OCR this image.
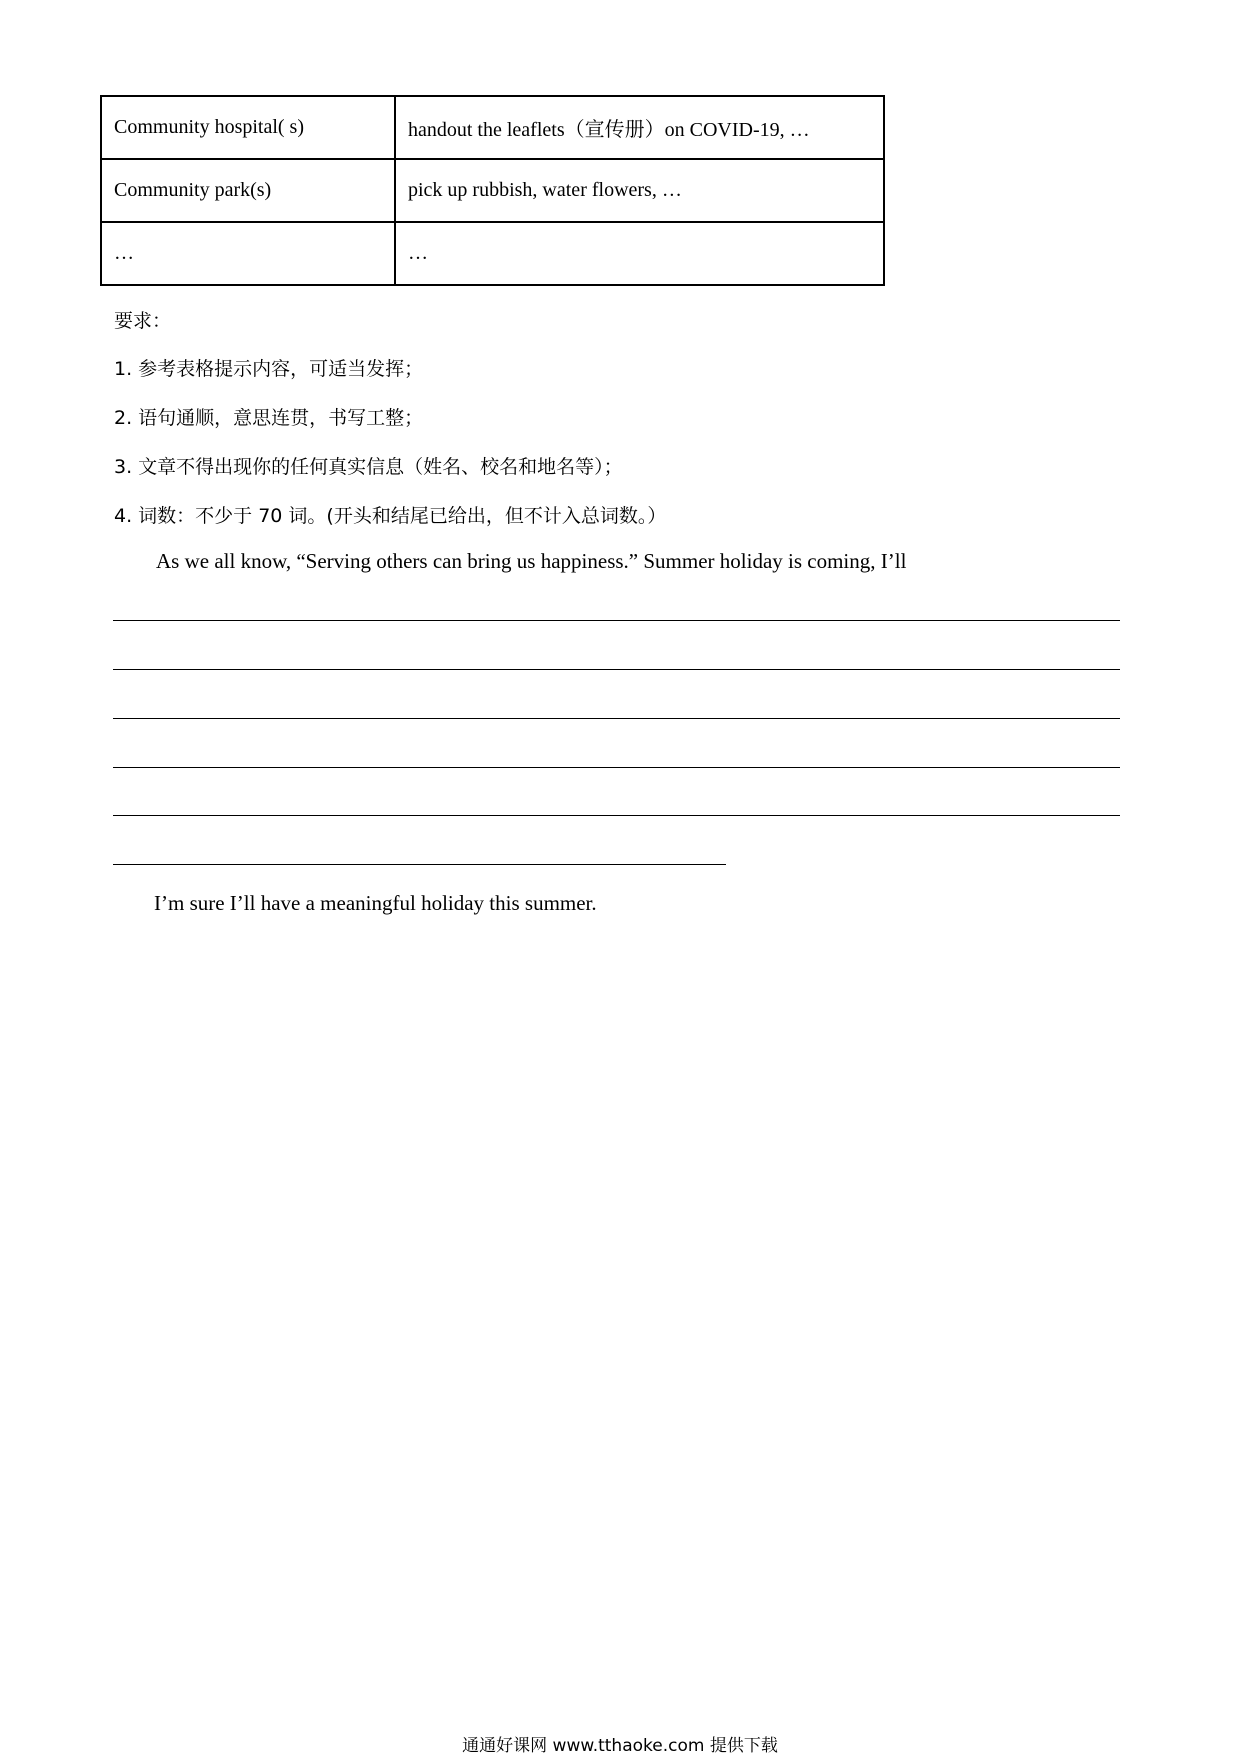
Community hospital( s)	handout the leaflets（宣传册）on COVID-19, …
Community park(s)	pick up rubbish, water flowers, …
…	…
要求：
1. 参考表格提示内容，可适当发挥；
2. 语句通顺，意思连贯，书写工整；
3. 文章不得出现你的任何真实信息（姓名、校名和地名等）；
4. 词数：不少于 70 词。(开头和结尾已给出，但不计入总词数。）
As we all know, “Serving others can bring us happiness.” Summer holiday is coming, I’ll
I’m sure I’ll have a meaningful holiday this summer.
通通好课网 www.tthaoke.com 提供下载
